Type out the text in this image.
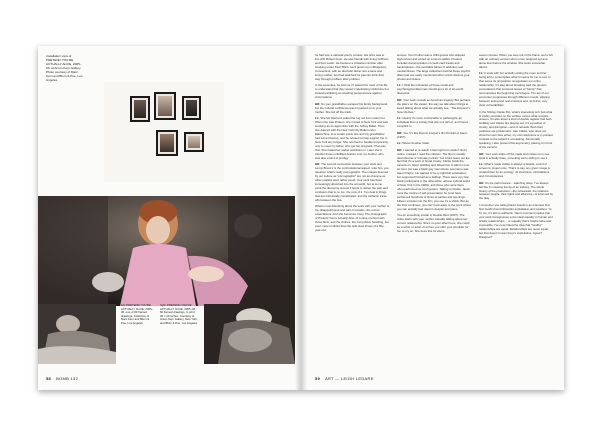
Installation view of PRETEND YOU'RE ACTUALLY ALIVE, 2005–06, at Anton Kern Gallery. Photo courtesy of Marc Kern and Blum & Poe, Los Angeles.
left: PRETEND YOU'RE ACTUALLY ALIVE, 2005–06, one of 60 framed drawings. Collection of Marc Kern and Blum & Poe, Los Angeles.
right: PRETEND YOU'RE ACTUALLY ALIVE, 2005–06, 60 framed drawings, C-print 30 × 40 inches. Courtesy of Anton Kern Gallery, New York, and Blum & Poe, Los Angeles.
58 BOMB 132

he had won a national poetry contest. His prize was to live with Robert Frost. He was friends with Irving Goffman and Kurt Lewin. He became a Unitarian minister after studying under Paul Tillich. He'd grown up in Bridgeport, Connecticut, with an alcoholic father and a sane and loving mother, and had watched his parents drink their way through problem after problem.

In the seventies, he told me if I asked him most of his life to understand that they weren't celebrating misfortune but instead exhibiting an amazing perseverance against circumstance.

GK: So your grandfather escaped his family background, but the cultural confidence wasn't passed on to your mother. She fell off the track.

LL: She felt that he'd pulled the rug out from under her. When she was thirteen, she moved to New York and was studying as an apprentice with the Joffrey Ballet. Then she danced with the New York City Ballet under Balanchine. At a certain point, she and my grandfather had some blowout, and he refused to help support her in New York any longer. She returned to Seattle temporarily, only to meet my father, who got her pregnant. That was that. She traded her earlier ambitions in. Later she'd transfer those unfulfilled desires onto my brother, who was also a kind of prodigy.

GK: The second connection between your work and Lenny Bruce's is the confrontational aspect. Like him, you question what's really pornographic. The images deemed by our culture as "pornographic" are not as obscene as other realities we'd rather avoid. Your work has been increasingly absorbed into the art world, but at some point the discourse around it tends to soften the pain and confusion that is, to me, the core of it. You deal in things that are intrinsically complicated, and the cathartic trade-offs between the two.

What's most disturbing about the work with your mother is the disappointment and pain it reveals—the unmet expectations. And she becomes crazy. The photographs of Pretend You're Actually Alive of course confront with those facts, and the clothes, the compulsive hoarding, are even more troubled than the split-level shoes of a fifty-year-old

woman. Your brother was a child genius who skipped high school and ended up a heroin addict. Pretend includes documentation of credit card frauds and bankruptcies—the inevitable fallout of addiction and mental illness. The large collections behind these psychic dilemmas are rarely mentioned when critics discuss your photos and videos.

LL: I think the intricacies of those social and psychological dilemmas should get a lot of art-world discourse.

GK: Your work reveals an American tragedy. But perhaps the joke's on the viewer: the way we talk about things to avoid talking about what we actually see. "The Emperor's New Clothes."

LL: Clearly it's more comfortable to pathologize an individual than a society that she is a part of, and hence complicit in.

GK: Yes. It's like Dennis Cooper's film Portrait of Jason (1967).

LL: Whoa! Another Clark.

GK: I wanted to re-watch it last night but couldn't find it online. Instead, I read the criticism. The film is usually described as a "intimate portrait," but critics leave out the fact that it's a work of brutal cruelty. Clarke holds the camera on Jason Holliday and allows him to talk for over an hour. He was a black gay man whose real name was Aaron Payne. He wanted to be a nightclub entertainer, but supported himself as a bellhop. There were very few black participants in the ultra-white, urbane cultural world of New York in the 1960s, and those who were there often performed as court jesters. Talking to Clarke, Jason cons the routine of self-presentation he must have performed hundreds of times at parties and openings. Fifteen minutes into the film, you see it's a shtick. But as the shot continues, you can't look away to the point where you can actually feel Jason's despair and pains.

You do something similar in Double Bind (2007). The video starts with your mother casually talking about her current relationship. She's no poor effect here, she could be a writer or artist. And then you offer your shoulder for her to cry on. She does this for about

seven minutes. When you step out of the frame, we're left with an ordinary woman who's more resigned out and alone than before the window. She looks somewhat dazed.

LL: It ends with her actually exiting the room and her being left to contemplate what it means for me to exit. In that sense its proposition renegotiates our entire relationship. It's also about breaking past the generic connotations that surround issues of "family" that accompanies the beginning monologue. The arc of our encounter progresses through different moods, slipping between acting and real emotions and, at points, very clear vulnerabilities.

In the Shirley Clarke film, what's interesting isn't just what is visibly recorded on the surface versus what remains unseen. It's also about a kind of double register that both Holliday and Clarke are playing out. It's a position of cruelty, and disruption—and of refusals. Both their positions are problematic. Like Clarke, who does not show her own face either, my own disclosure is in pointed contrast to the subject's unmasking. Structurally speaking, I also present this asymmetry, placing it in front of the camera.

GK: Your work strips off the mask and invites us to see what is actually there, provoking we're willing to see it.

LL: What's made visible is always a facade, a kind of screen to project onto. That's to say, any given image is underwritten by an ecology: its structures, intimidations, and circumstances.

GK: It's the performance... watching plays. I've always felt like I'm viewing the tip of an iceberg. The whole history of the production—the rehearsals, the relations between people, their fights and alliances—is informed by the play.

I remember you telling David Joselit in an interview that Nan Goldin found Shoulder exploitative and repellent. Yo. To me, it's all too authentic. Nan's comment implies that your work transgresses some ideal equality in human and artistic relationships… or equality that's maybe false and impossible. I've never liked the idea that "healthy" relationships are equal. Relationships are never equal, but that doesn't mean they're exploitative. Agree? Disagree?

59 ART — LEIGH LEDARE
